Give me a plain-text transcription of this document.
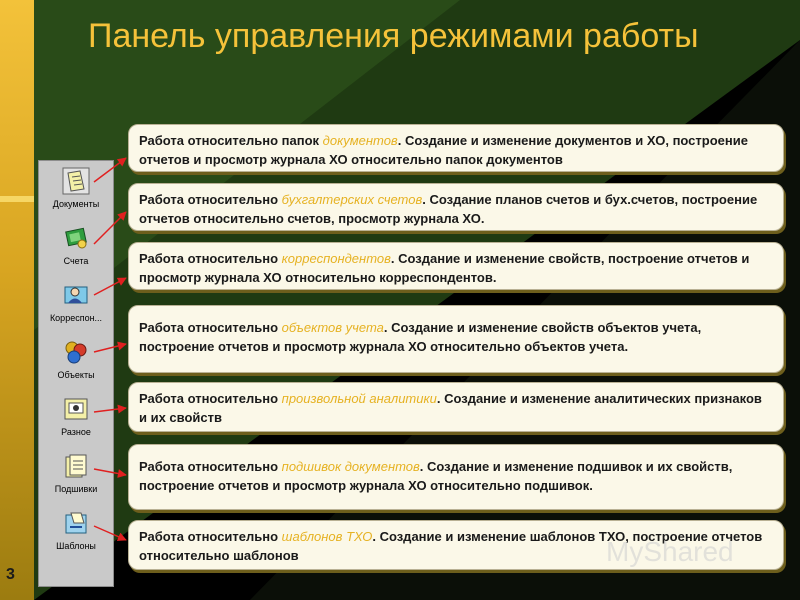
Панель управления режимами работы
Документы
Счета
Корреспон...
Объекты
Разное
Подшивки
Шаблоны
Работа относительно папок документов. Создание и изменение документов и ХО, построение отчетов и просмотр журнала ХО относительно папок документов
Работа относительно бухгалтерских счетов. Создание планов счетов и бух.счетов, построение отчетов относительно счетов, просмотр журнала ХО.
Работа относительно корреспондентов. Создание и изменение свойств, построение отчетов и просмотр журнала ХО относительно корреспондентов.
Работа относительно объектов учета. Создание и изменение свойств объектов учета, построение отчетов и просмотр журнала ХО относительно объектов учета.
Работа относительно произвольной аналитики. Создание и изменение аналитических признаков и их свойств
Работа относительно подшивок документов. Создание и изменение подшивок и их свойств, построение отчетов и просмотр журнала ХО относительно подшивок.
Работа относительно шаблонов ТХО. Создание и изменение шаблонов ТХО, построение отчетов относительно шаблонов	MyShared
3
